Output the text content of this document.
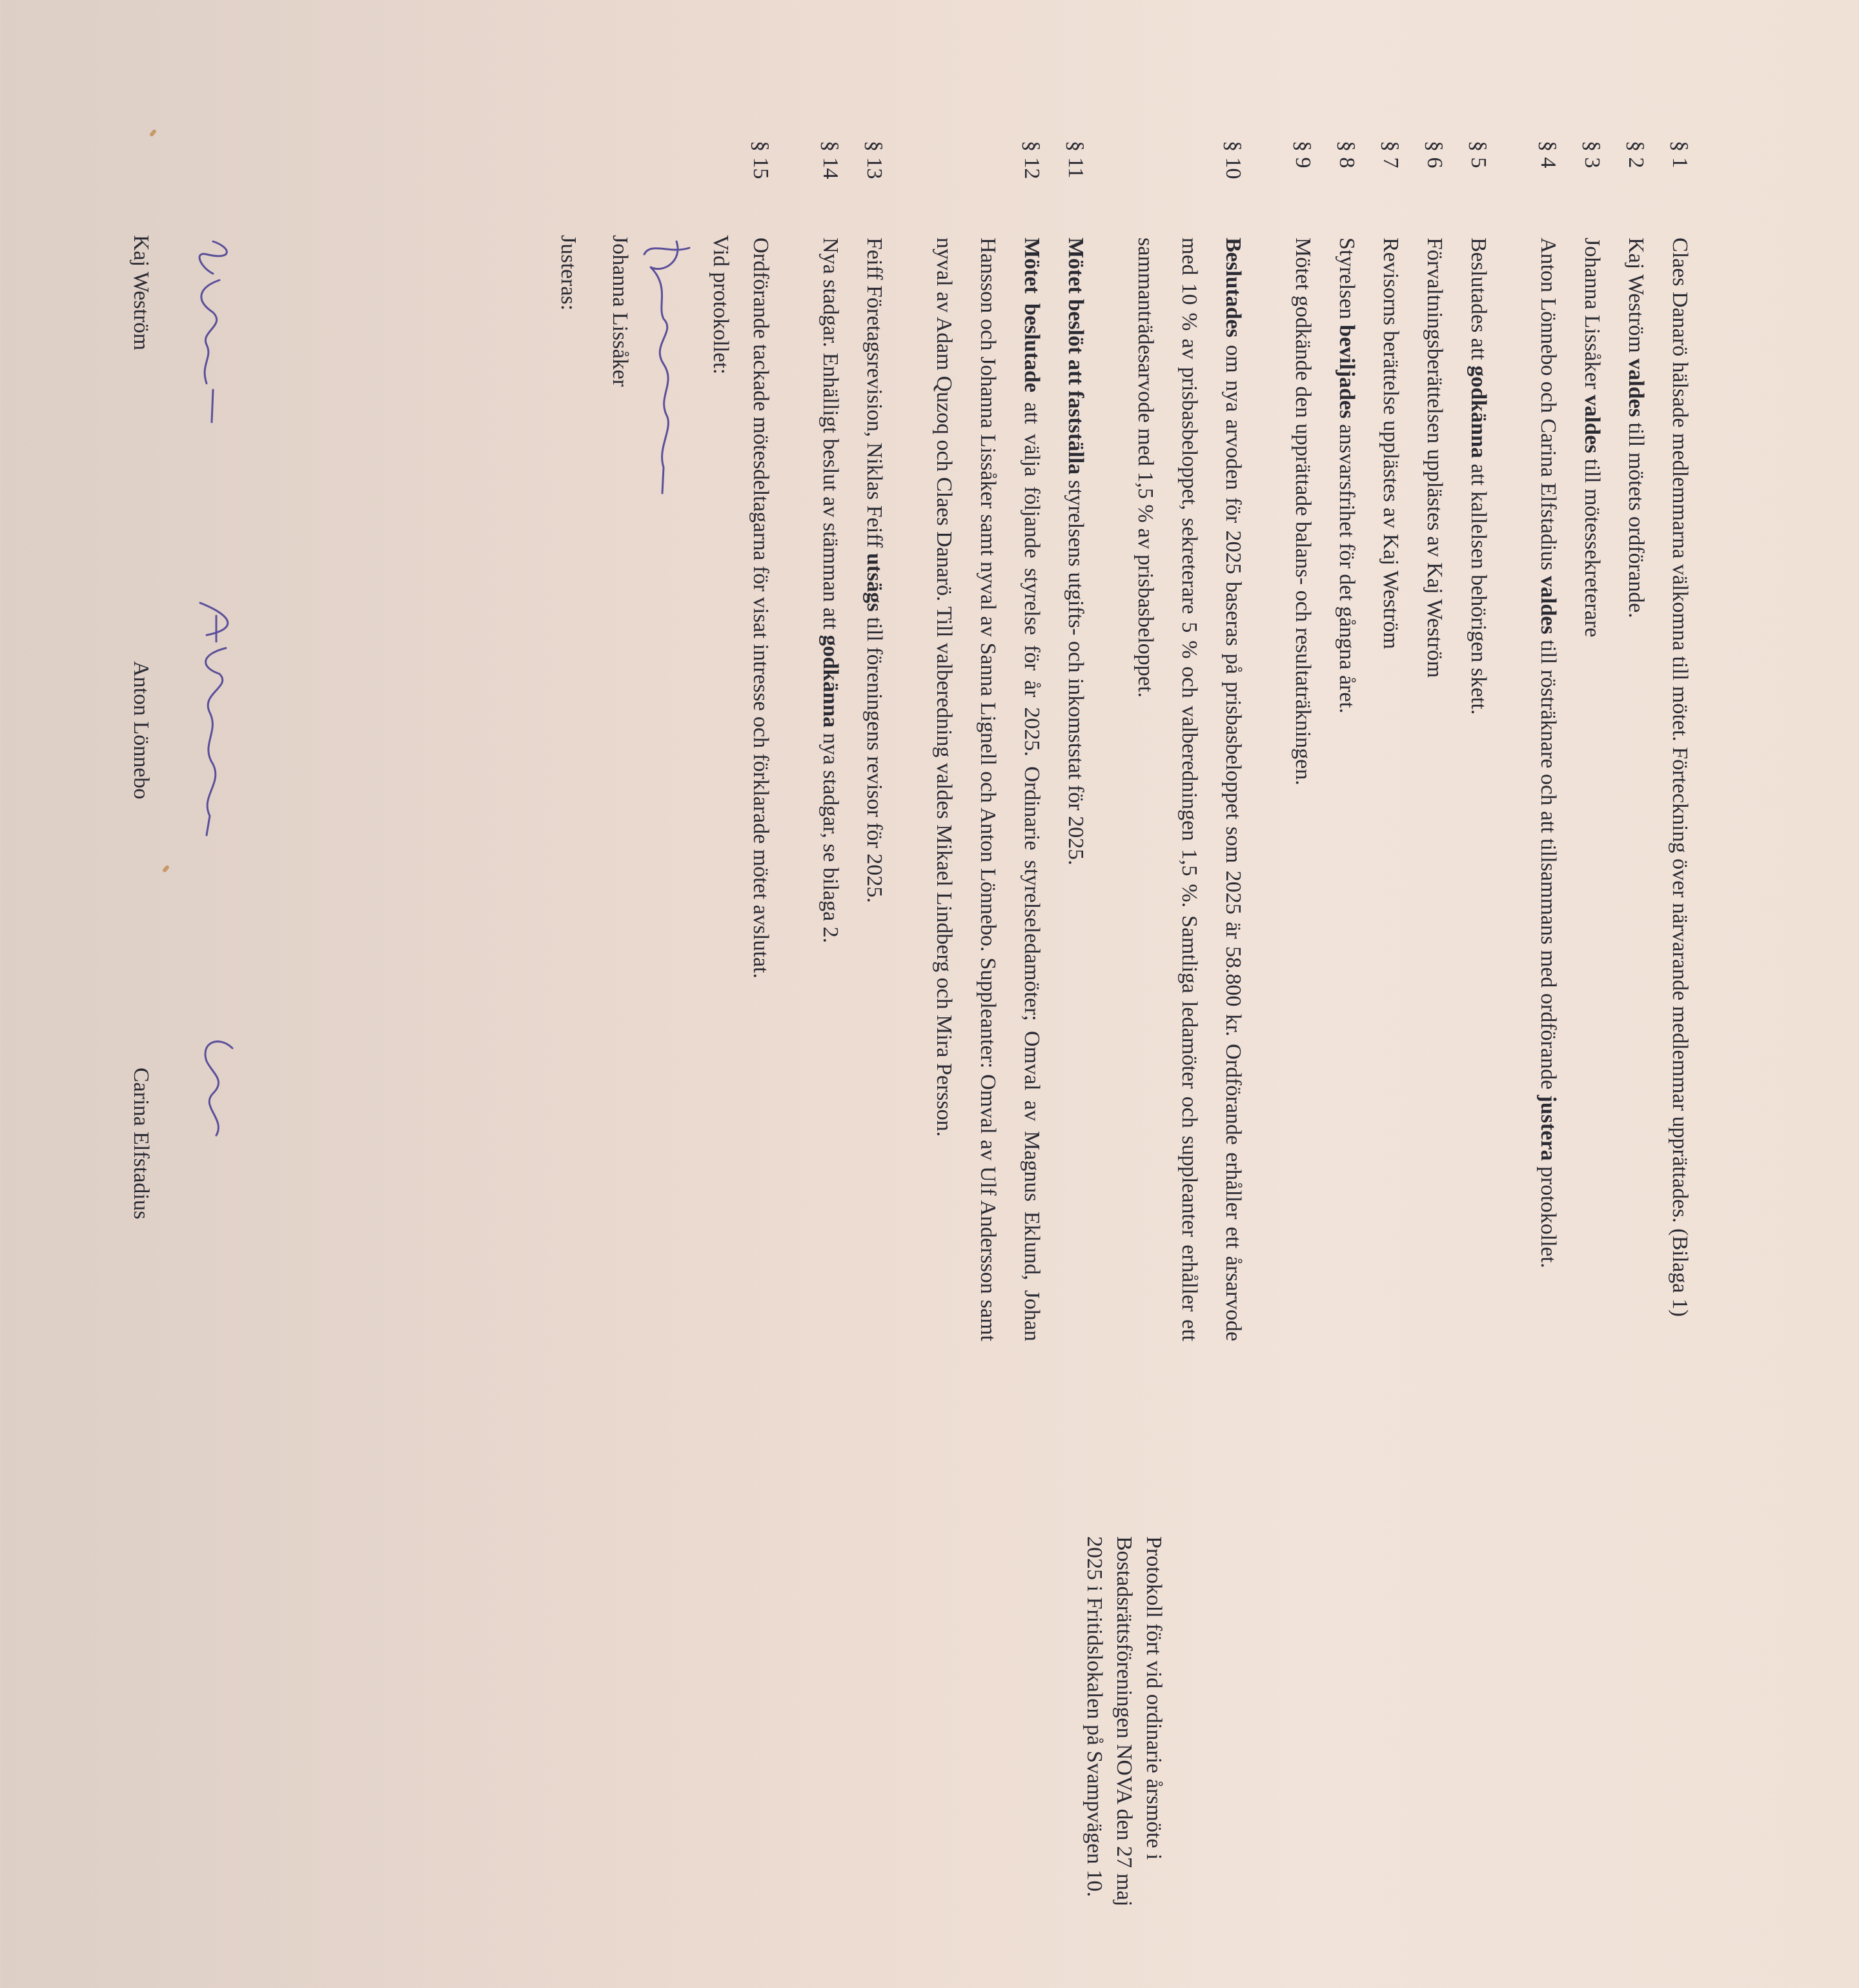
Protokoll fört vid ordinarie årsmöte i
Bostadsrättsföreningen NOVA den 27 maj
2025 i Fritidslokalen på Svampvägen 10.
§ 1
Claes Danarö hälsade medlemmarna välkomna till mötet. Förteckning över närvarande medlemmar upprättades. (Bilaga 1)
§ 2
Kaj Weström valdes till mötets ordförande.
§ 3
Johanna Lissåker valdes till mötessekreterare
§ 4
Anton Lönnebo och Carina Elfstadius valdes till rösträknare och att tillsammans med ordförande justera protokollet.
§ 5
Beslutades att godkänna att kallelsen behörigen skett.
§ 6
Förvaltningsberättelsen upplästes av Kaj Weström
§ 7
Revisorns berättelse upplästes av Kaj Weström
§ 8
Styrelsen beviljades ansvarsfrihet för det gångna året.
§ 9
Mötet godkände den upprättade balans- och resultaträkningen.
§ 10
Beslutades om nya arvoden för 2025 baseras på prisbasbeloppet som 2025 är 58.800 kr. Ordförande erhåller ett årsarvode med 10 % av prisbasbeloppet, sekreterare 5 % och valberedningen 1,5 %. Samtliga ledamöter och suppleanter erhåller ett sammanträdesarvode med 1,5 % av prisbasbeloppet.
§ 11
Mötet beslöt att fastställa styrelsens utgifts- och inkomststat för 2025.
§ 12
Mötet beslutade att välja följande styrelse för år 2025. Ordinarie styrelseledamöter; Omval av Magnus Eklund, Johan Hansson och Johanna Lissåker samt nyval av Sanna Lignell och Anton Lönnebo. Suppleanter: Omval av Ulf Andersson samt nyval av Adam Quzoq och Claes Danarö. Till valberedning valdes Mikael Lindberg och Mira Persson.
§ 13
Feiff Företagsrevision, Niklas Feiff utsägs till föreningens revisor för 2025.
§ 14
Nya stadgar. Enhälligt beslut av stämman att godkänna nya stadgar, se bilaga 2.
§ 15
Ordförande tackade mötesdeltagarna för visat intresse och förklarade mötet avslutat.
Vid protokollet:
Johanna Lissåker
Justeras:
Kaj Weström
Anton Lönnebo
Carina Elfstadius
